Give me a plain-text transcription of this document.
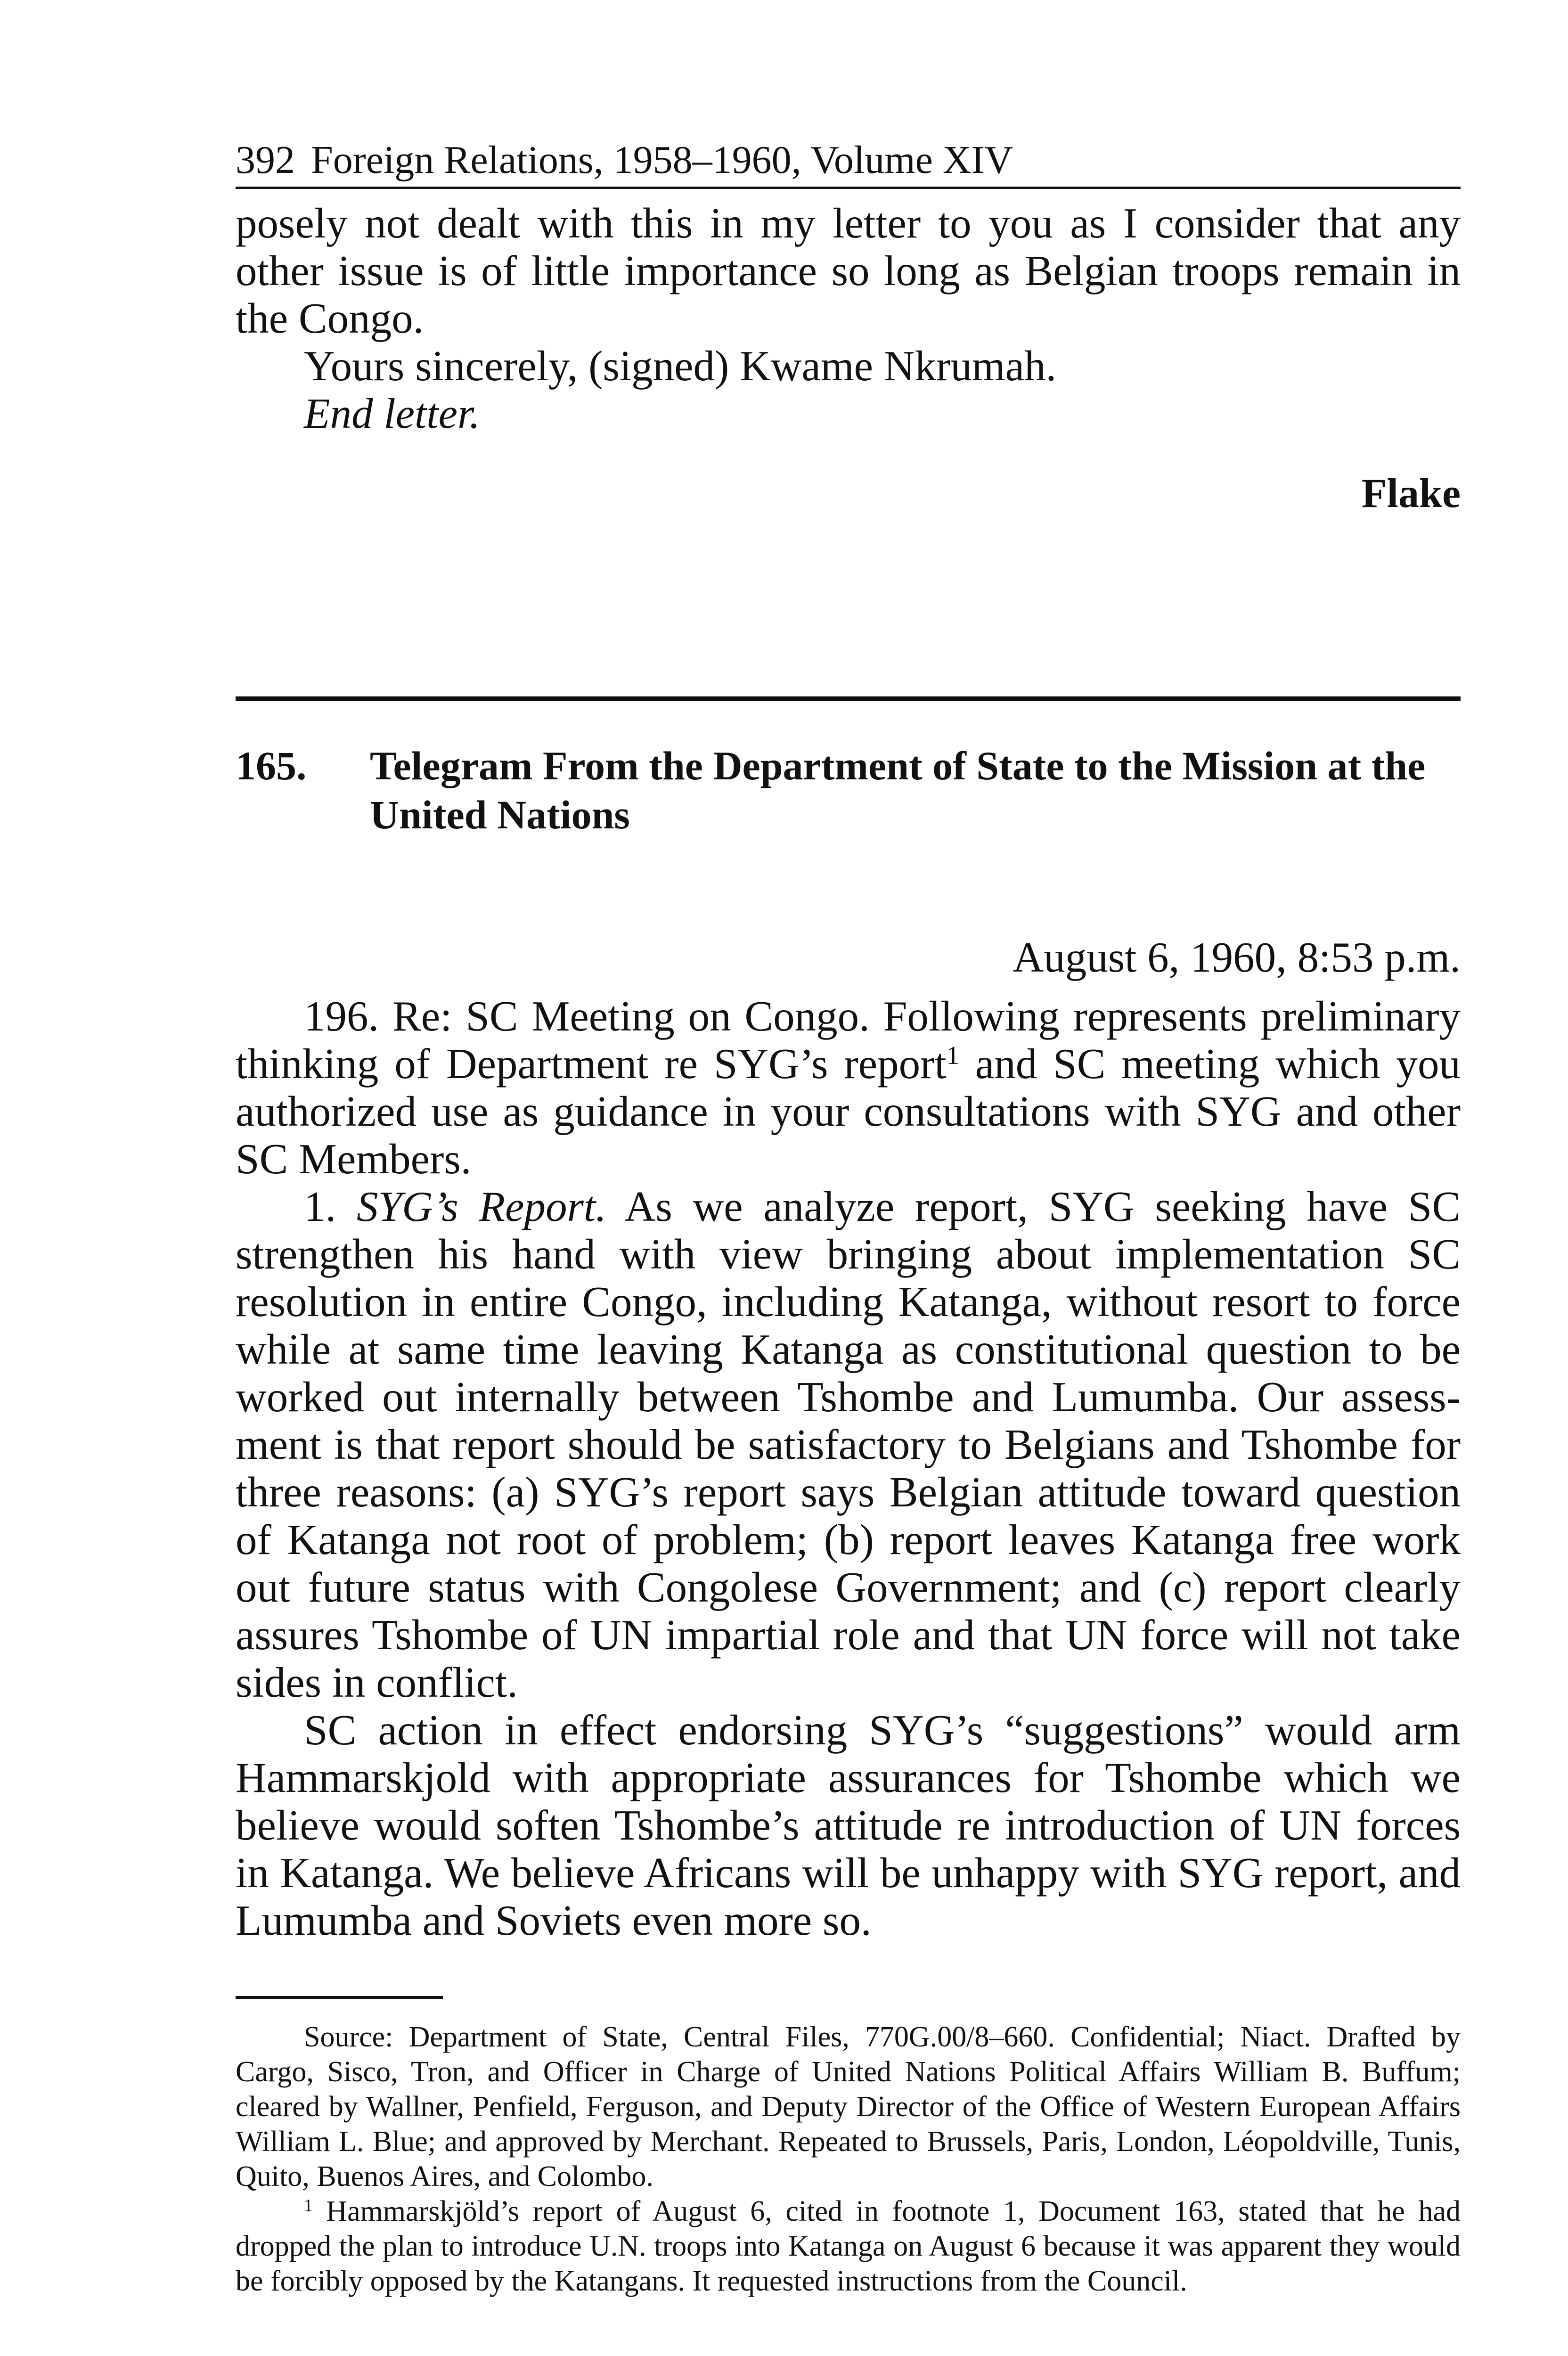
392 Foreign Relations, 1958–1960, Volume XIV

posely not dealt with this in my letter to you as I consider that any other issue is of little importance so long as Belgian troops remain in the Congo.

Yours sincerely, (signed) Kwame Nkrumah.

End letter.

Flake
165.	Telegram From the Department of State to the Mission at the United Nations
August 6, 1960, 8:53 p.m.

196. Re: SC Meeting on Congo. Following represents preliminary thinking of Department re SYG’s report$^1$ and SC meeting which you authorized use as guidance in your consultations with SYG and other SC Members.

1. SYG’s Report. As we analyze report, SYG seeking have SC strengthen his hand with view bringing about implementation SC resolution in entire Congo, including Katanga, without resort to force while at same time leaving Katanga as constitutional question to be worked out internally between Tshombe and Lumumba. Our assessment is that report should be satisfactory to Belgians and Tshombe for three reasons: (a) SYG’s report says Belgian attitude toward question of Katanga not root of problem; (b) report leaves Katanga free work out future status with Congolese Government; and (c) report clearly assures Tshombe of UN impartial role and that UN force will not take sides in conflict.

SC action in effect endorsing SYG’s “suggestions” would arm Hammarskjold with appropriate assurances for Tshombe which we believe would soften Tshombe’s attitude re introduction of UN forces in Katanga. We believe Africans will be unhappy with SYG report, and Lumumba and Soviets even more so.

Source: Department of State, Central Files, 770G.00/8–660. Confidential; Niact. Drafted by Cargo, Sisco, Tron, and Officer in Charge of United Nations Political Affairs William B. Buffum; cleared by Wallner, Penfield, Ferguson, and Deputy Director of the Office of Western European Affairs William L. Blue; and approved by Merchant. Repeated to Brussels, Paris, London, Léopoldville, Tunis, Quito, Buenos Aires, and Colombo.

$^1$ Hammarskjöld’s report of August 6, cited in footnote 1, Document 163, stated that he had dropped the plan to introduce U.N. troops into Katanga on August 6 because it was apparent they would be forcibly opposed by the Katangans. It requested instructions from the Council.
